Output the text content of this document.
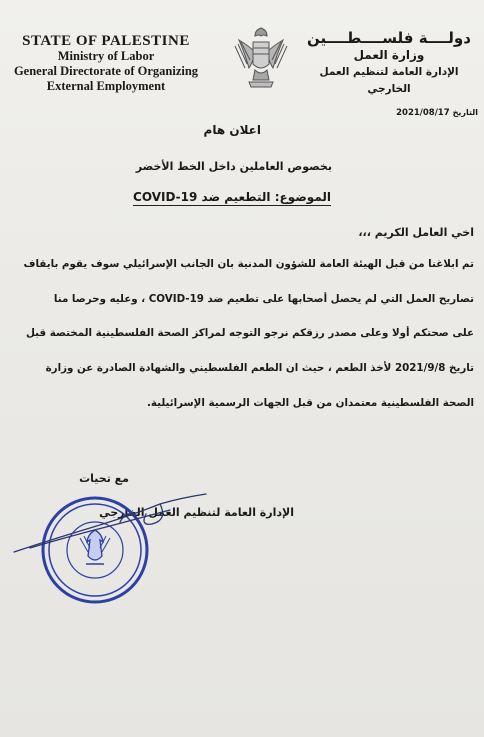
STATE OF PALESTINE
Ministry of Labor
General Directorate of Organizing
External Employment
دولــــة فلســــطــــين
وزارة العمل
الإدارة العامة لتنظيم العمل الخارجي
2021/08/17 التاريخ
اعلان هام
بخصوص العاملين داخل الخط الأخضر
الموضوع: التطعيم ضد COVID-19
اخي العامل الكريم ،،،
تم ابلاغنا من قبل الهيئة العامة للشؤون المدنية بان الجانب الإسرائيلي سوف يقوم بايقاف
تصاريح العمل التي لم يحصل أصحابها على تطعيم ضد COVID-19 ، وعليه وحرصا منا
على صحتكم أولا وعلى مصدر رزقكم نرجو التوجه لمراكز الصحة الفلسطينية المختصة قبل
تاريخ 2021/9/8 لأخذ الطعم ، حيث ان الطعم الفلسطيني والشهادة الصادرة عن وزارة
الصحة الفلسطينية معتمدان من قبل الجهات الرسمية الإسرائيلية.
مع تحيات
الإدارة العامة لتنظيم العمل الخارجي
